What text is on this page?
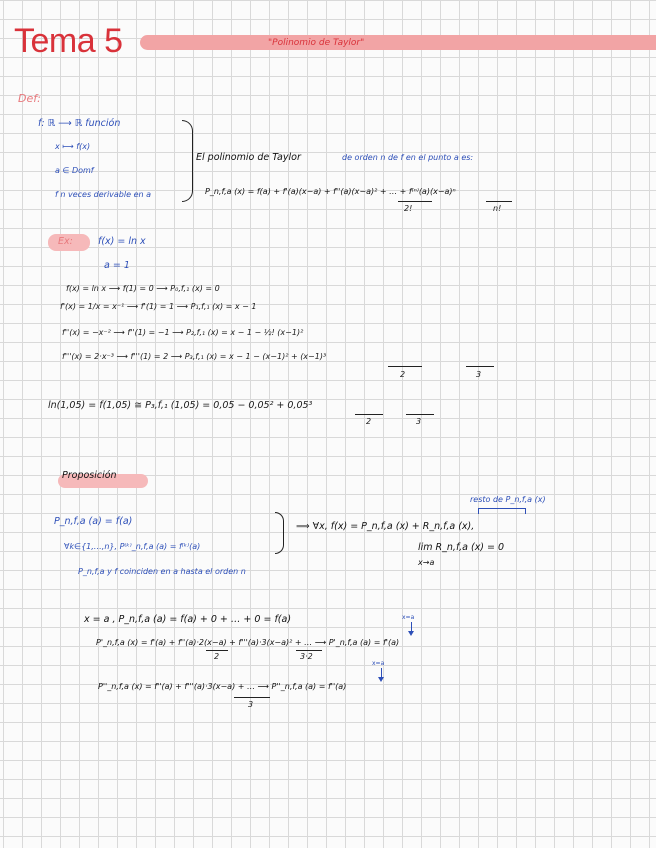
Tema 5	"Polinomio de Taylor"
Def:
f: ℝ ⟶ ℝ función
x ⟼ f(x)
a ∈ Domf
f n veces derivable en a
El polinomio de Taylor	de orden n de f en el punto a es:
P_n,f,a (x) = f(a) + f'(a)(x−a) + f''(a)(x−a)² + … + f⁽ⁿ⁾(a)(x−a)ⁿ
2!	n!
Ex:	f(x) = ln x
a = 1
f(x) = ln x ⟶ f(1) = 0 ⟶ P₀,f,₁ (x) = 0
f'(x) = 1/x = x⁻¹ ⟶ f'(1) = 1 ⟶ P₁,f,₁ (x) = x − 1
f''(x) = −x⁻² ⟶ f''(1) = −1 ⟶ P₂,f,₁ (x) = x − 1 − ½! (x−1)²
f'''(x) = 2·x⁻³ ⟶ f'''(1) = 2 ⟶ P₃,f,₁ (x) = x − 1 − (x−1)² + (x−1)³
2	3
ln(1,05) = f(1,05) ≅ P₃,f,₁ (1,05) = 0,05 − 0,05² + 0,05³
2	3
Proposición
resto de P_n,f,a (x)
P_n,f,a (a) = f(a)
∀k∈{1,…,n}, P⁽ᵏ⁾_n,f,a (a) = f⁽ᵏ⁾(a)
⟹ ∀x, f(x) = P_n,f,a (x) + R_n,f,a (x),
lim R_n,f,a (x) = 0
x→a
P_n,f,a y f coinciden en a hasta el orden n
x = a , P_n,f,a (a) = f(a) + 0 + … + 0 = f(a)	x=a
P'_n,f,a (x) = f'(a) + f''(a)·2(x−a) + f'''(a)·3(x−a)² + … ⟶ P'_n,f,a (a) = f'(a)
2	3·2
x=a
P''_n,f,a (x) = f''(a) + f'''(a)·3(x−a) + … ⟶ P''_n,f,a (a) = f''(a)
3
